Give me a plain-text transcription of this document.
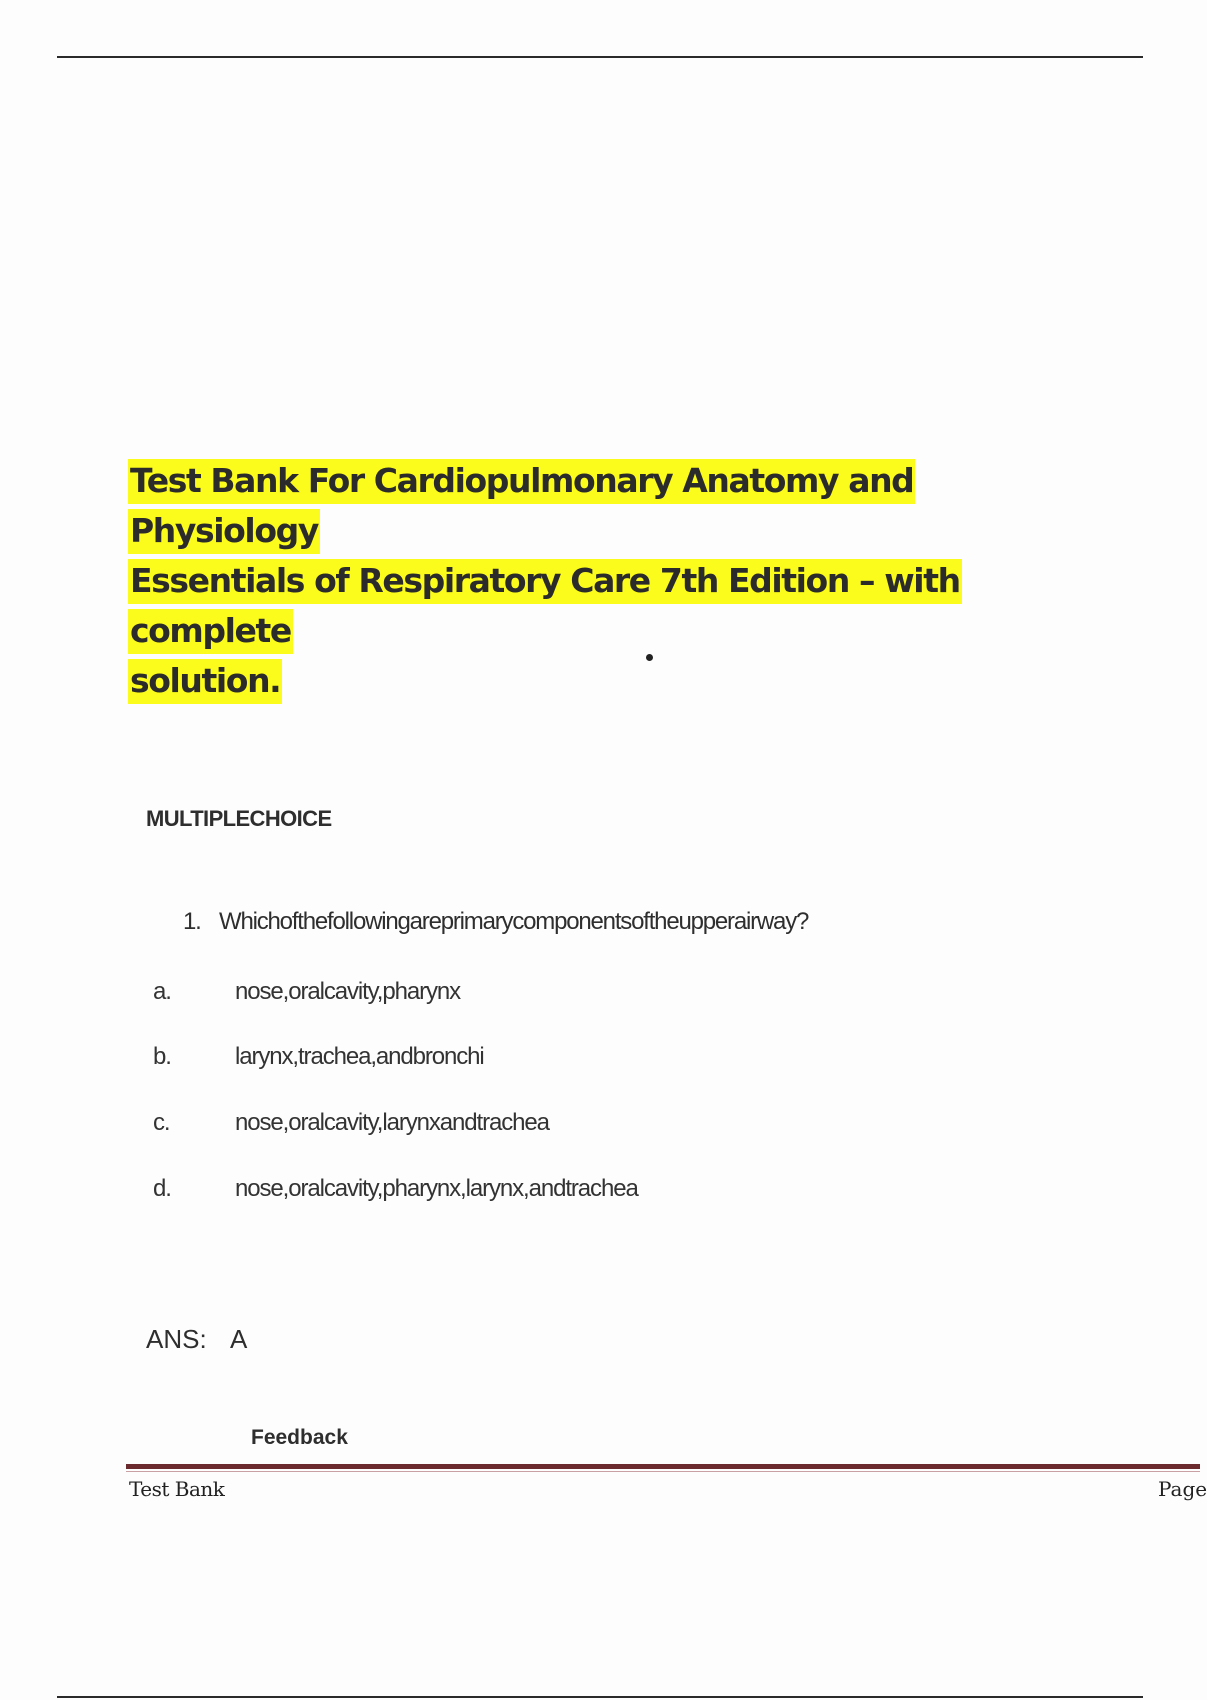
Test Bank For Cardiopulmonary Anatomy and Physiology
Essentials of Respiratory Care 7th Edition – with complete
solution.
MULTIPLECHOICE
1. Whichofthefollowingareprimarycomponentsoftheupperairway?
a.	nose,oralcavity,pharynx
b.	larynx,trachea,andbronchi
c.	nose,oralcavity,larynxandtrachea
d.	nose,oralcavity,pharynx,larynx,andtrachea
ANS: A
Feedback
Test Bank	Page
